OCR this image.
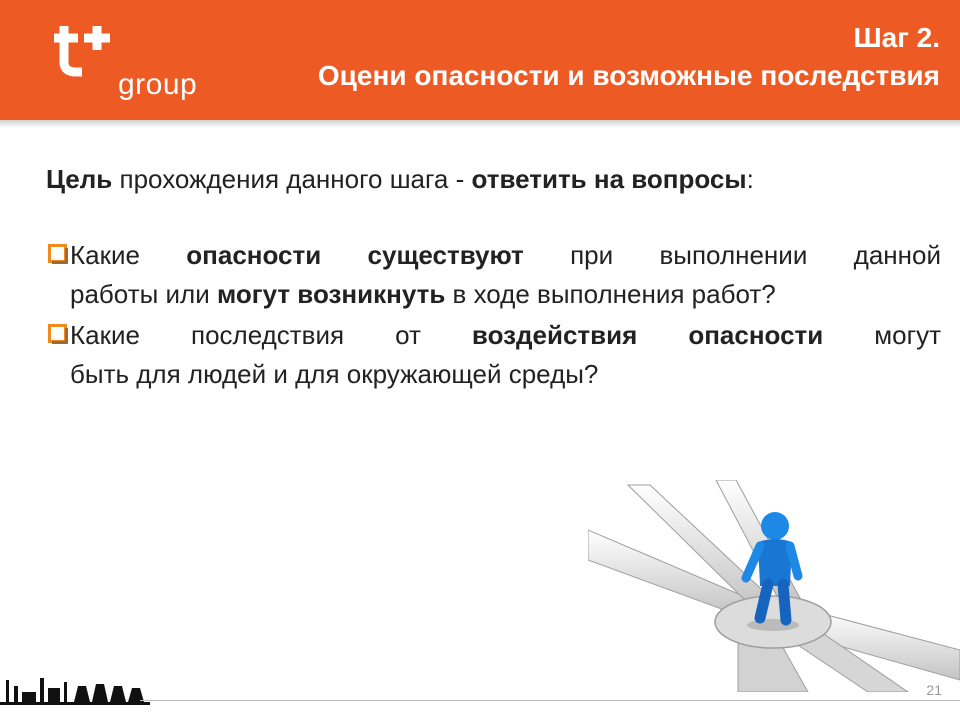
group
Шаг 2.
Оцени опасности и возможные последствия
Цель прохождения данного шага - ответить на вопросы:
Какие опасности существуют при выполнении данной
работы или могут возникнуть в ходе выполнения работ?
Какие последствия от воздействия опасности могут
быть для людей и для окружающей среды?
21
